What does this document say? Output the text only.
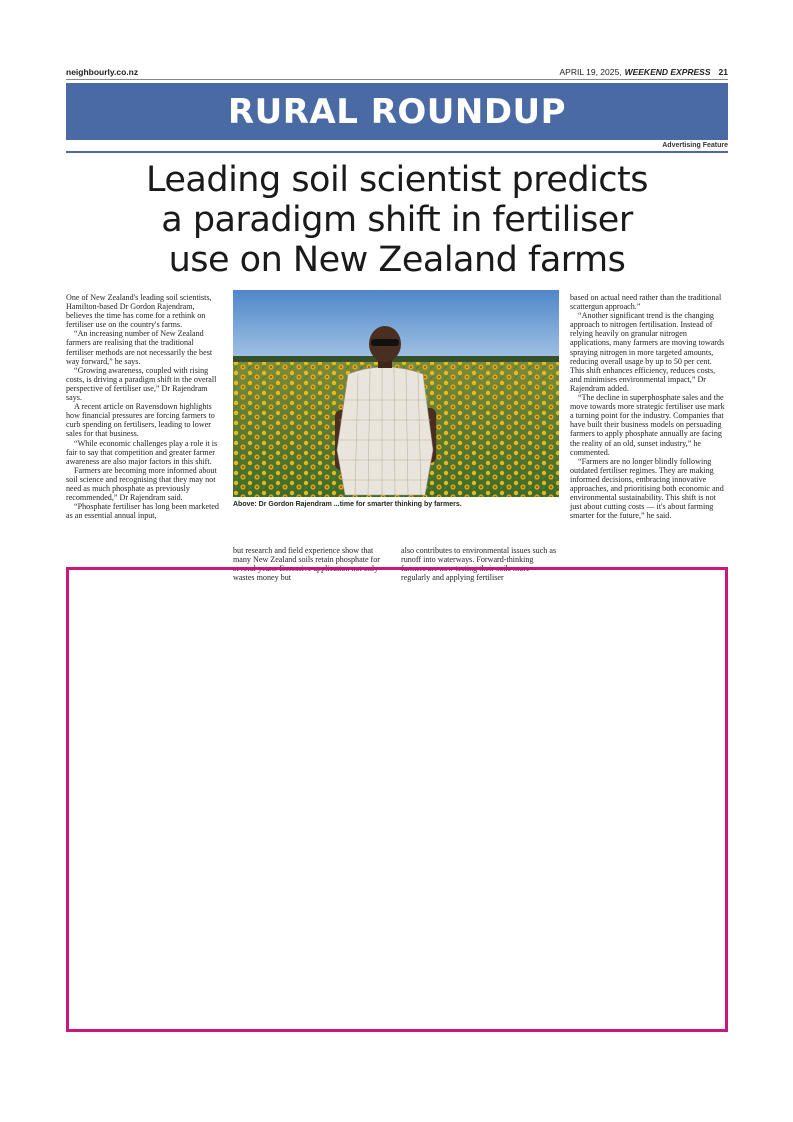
neighbourly.co.nz	APRIL 19, 2025, WEEKEND EXPRESS 21
RURAL ROUNDUP
Advertising Feature
Leading soil scientist predicts
a paradigm shift in fertiliser
use on New Zealand farms

One of New Zealand's leading soil scientists, Hamilton-based Dr Gordon Rajendram, believes the time has come for a rethink on fertiliser use on the country's farms.

“An increasing number of New Zealand farmers are realising that the traditional fertiliser methods are not necessarily the best way forward,” he says.

“Growing awareness, coupled with rising costs, is driving a paradigm shift in the overall perspective of fertiliser use,” Dr Rajendram says.

A recent article on Ravensdown highlights how financial pressures are forcing farmers to curb spending on fertilisers, leading to lower sales for that business.

“While economic challenges play a role it is fair to say that competition and greater farmer awareness are also major factors in this shift.

Farmers are becoming more informed about soil science and recognising that they may not need as much phosphate as previously recommended,” Dr Rajendram said.

“Phosphate fertiliser has long been marketed as an essential annual input,

Above: Dr Gordon Rajendram ...time for smarter thinking by farmers.

but research and field experience show that many New Zealand soils retain phosphate for several years. Excessive application not only wastes money but

also contributes to environmental issues such as runoff into waterways. Forward-thinking farmers are now testing their soils more regularly and applying fertiliser

based on actual need rather than the traditional scattergun approach.”

“Another significant trend is the changing approach to nitrogen fertilisation. Instead of relying heavily on granular nitrogen applications, many farmers are moving towards spraying nitrogen in more targeted amounts, reducing overall usage by up to 50 per cent. This shift enhances efficiency, reduces costs, and minimises environmental impact,” Dr Rajendram added.

“The decline in superphosphate sales and the move towards more strategic fertiliser use mark a turning point for the industry. Companies that have built their business models on persuading farmers to apply phosphate annually are facing the reality of an old, sunset industry,” he commented.

“Farmers are no longer blindly following outdated fertiliser regimes. They are making informed decisions, embracing innovative approaches, and prioritising both economic and environmental sustainability. This shift is not just about cutting costs — it's about farming smarter for the future,” he said.
